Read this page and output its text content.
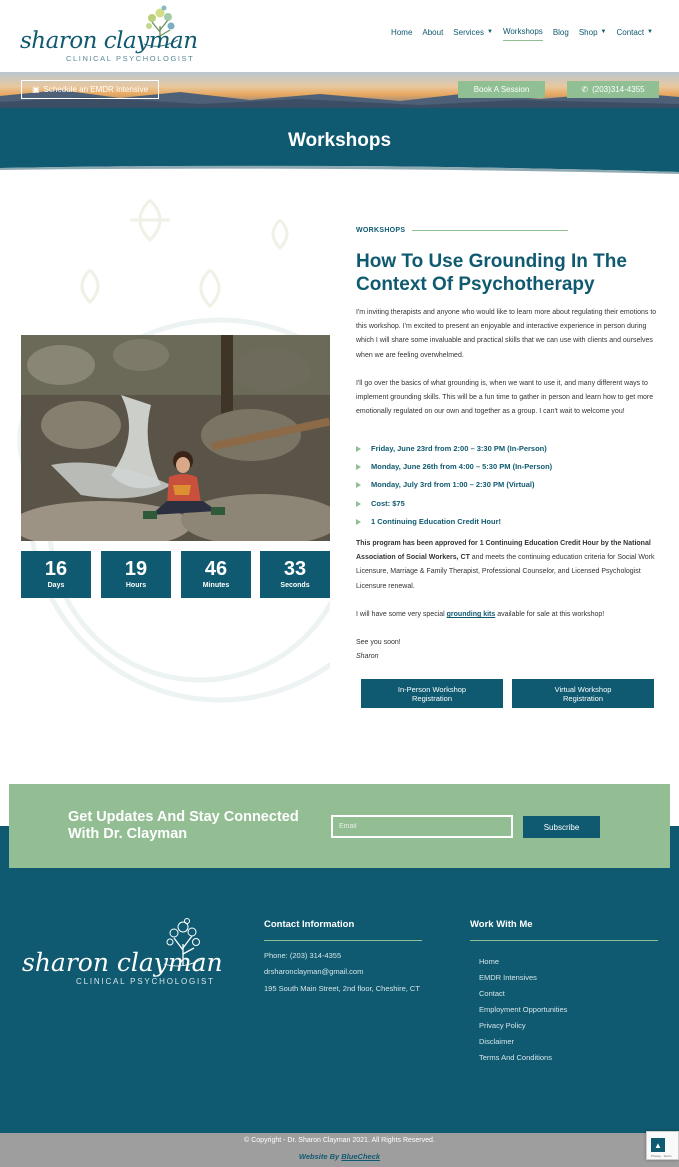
sharon clayman
CLINICAL PSYCHOLOGIST
Home About Services ▼ Workshops Blog Shop ▼ Contact ▼
▣ Schedule an EMDR Intensive	Book A Session	✆ (203)314-4355
Workshops
16
Days
19
Hours
46
Minutes
33
Seconds
WORKSHOPS
How To Use Grounding In The Context Of Psychotherapy

I'm inviting therapists and anyone who would like to learn more about regulating their emotions to this workshop. I'm excited to present an enjoyable and interactive experience in person during which I will share some invaluable and practical skills that we can use with clients and ourselves when we are feeling overwhelmed.

I'll go over the basics of what grounding is, when we want to use it, and many different ways to implement grounding skills. This will be a fun time to gather in person and learn how to get more emotionally regulated on our own and together as a group. I can't wait to welcome you!

Friday, June 23rd from 2:00 – 3:30 PM (In-Person)
Monday, June 26th from 4:00 – 5:30 PM (In-Person)
Monday, July 3rd from 1:00 – 2:30 PM (Virtual)
Cost: $75
1 Continuing Education Credit Hour!

This program has been approved for 1 Continuing Education Credit Hour by the National Association of Social Workers, CT and meets the continuing education criteria for Social Work Licensure, Marriage & Family Therapist, Professional Counselor, and Licensed Psychologist Licensure renewal.

I will have some very special grounding kits available for sale at this workshop!

See you soon!

Sharon

In-Person Workshop Registration
Virtual Workshop Registration
Get Updates And Stay Connected With Dr. Clayman
Email	Subscribe
sharon clayman
CLINICAL PSYCHOLOGIST
Contact Information
Phone: (203) 314-4355
drsharonclayman@gmail.com
195 South Main Street, 2nd floor, Cheshire, CT
Work With Me
Home
EMDR Intensives
Contact
Employment Opportunities
Privacy Policy
Disclaimer
Terms And Conditions
© Copyright - Dr. Sharon Clayman 2021. All Rights Reserved.
Website By BlueCheck
▲
Privacy - Terms
